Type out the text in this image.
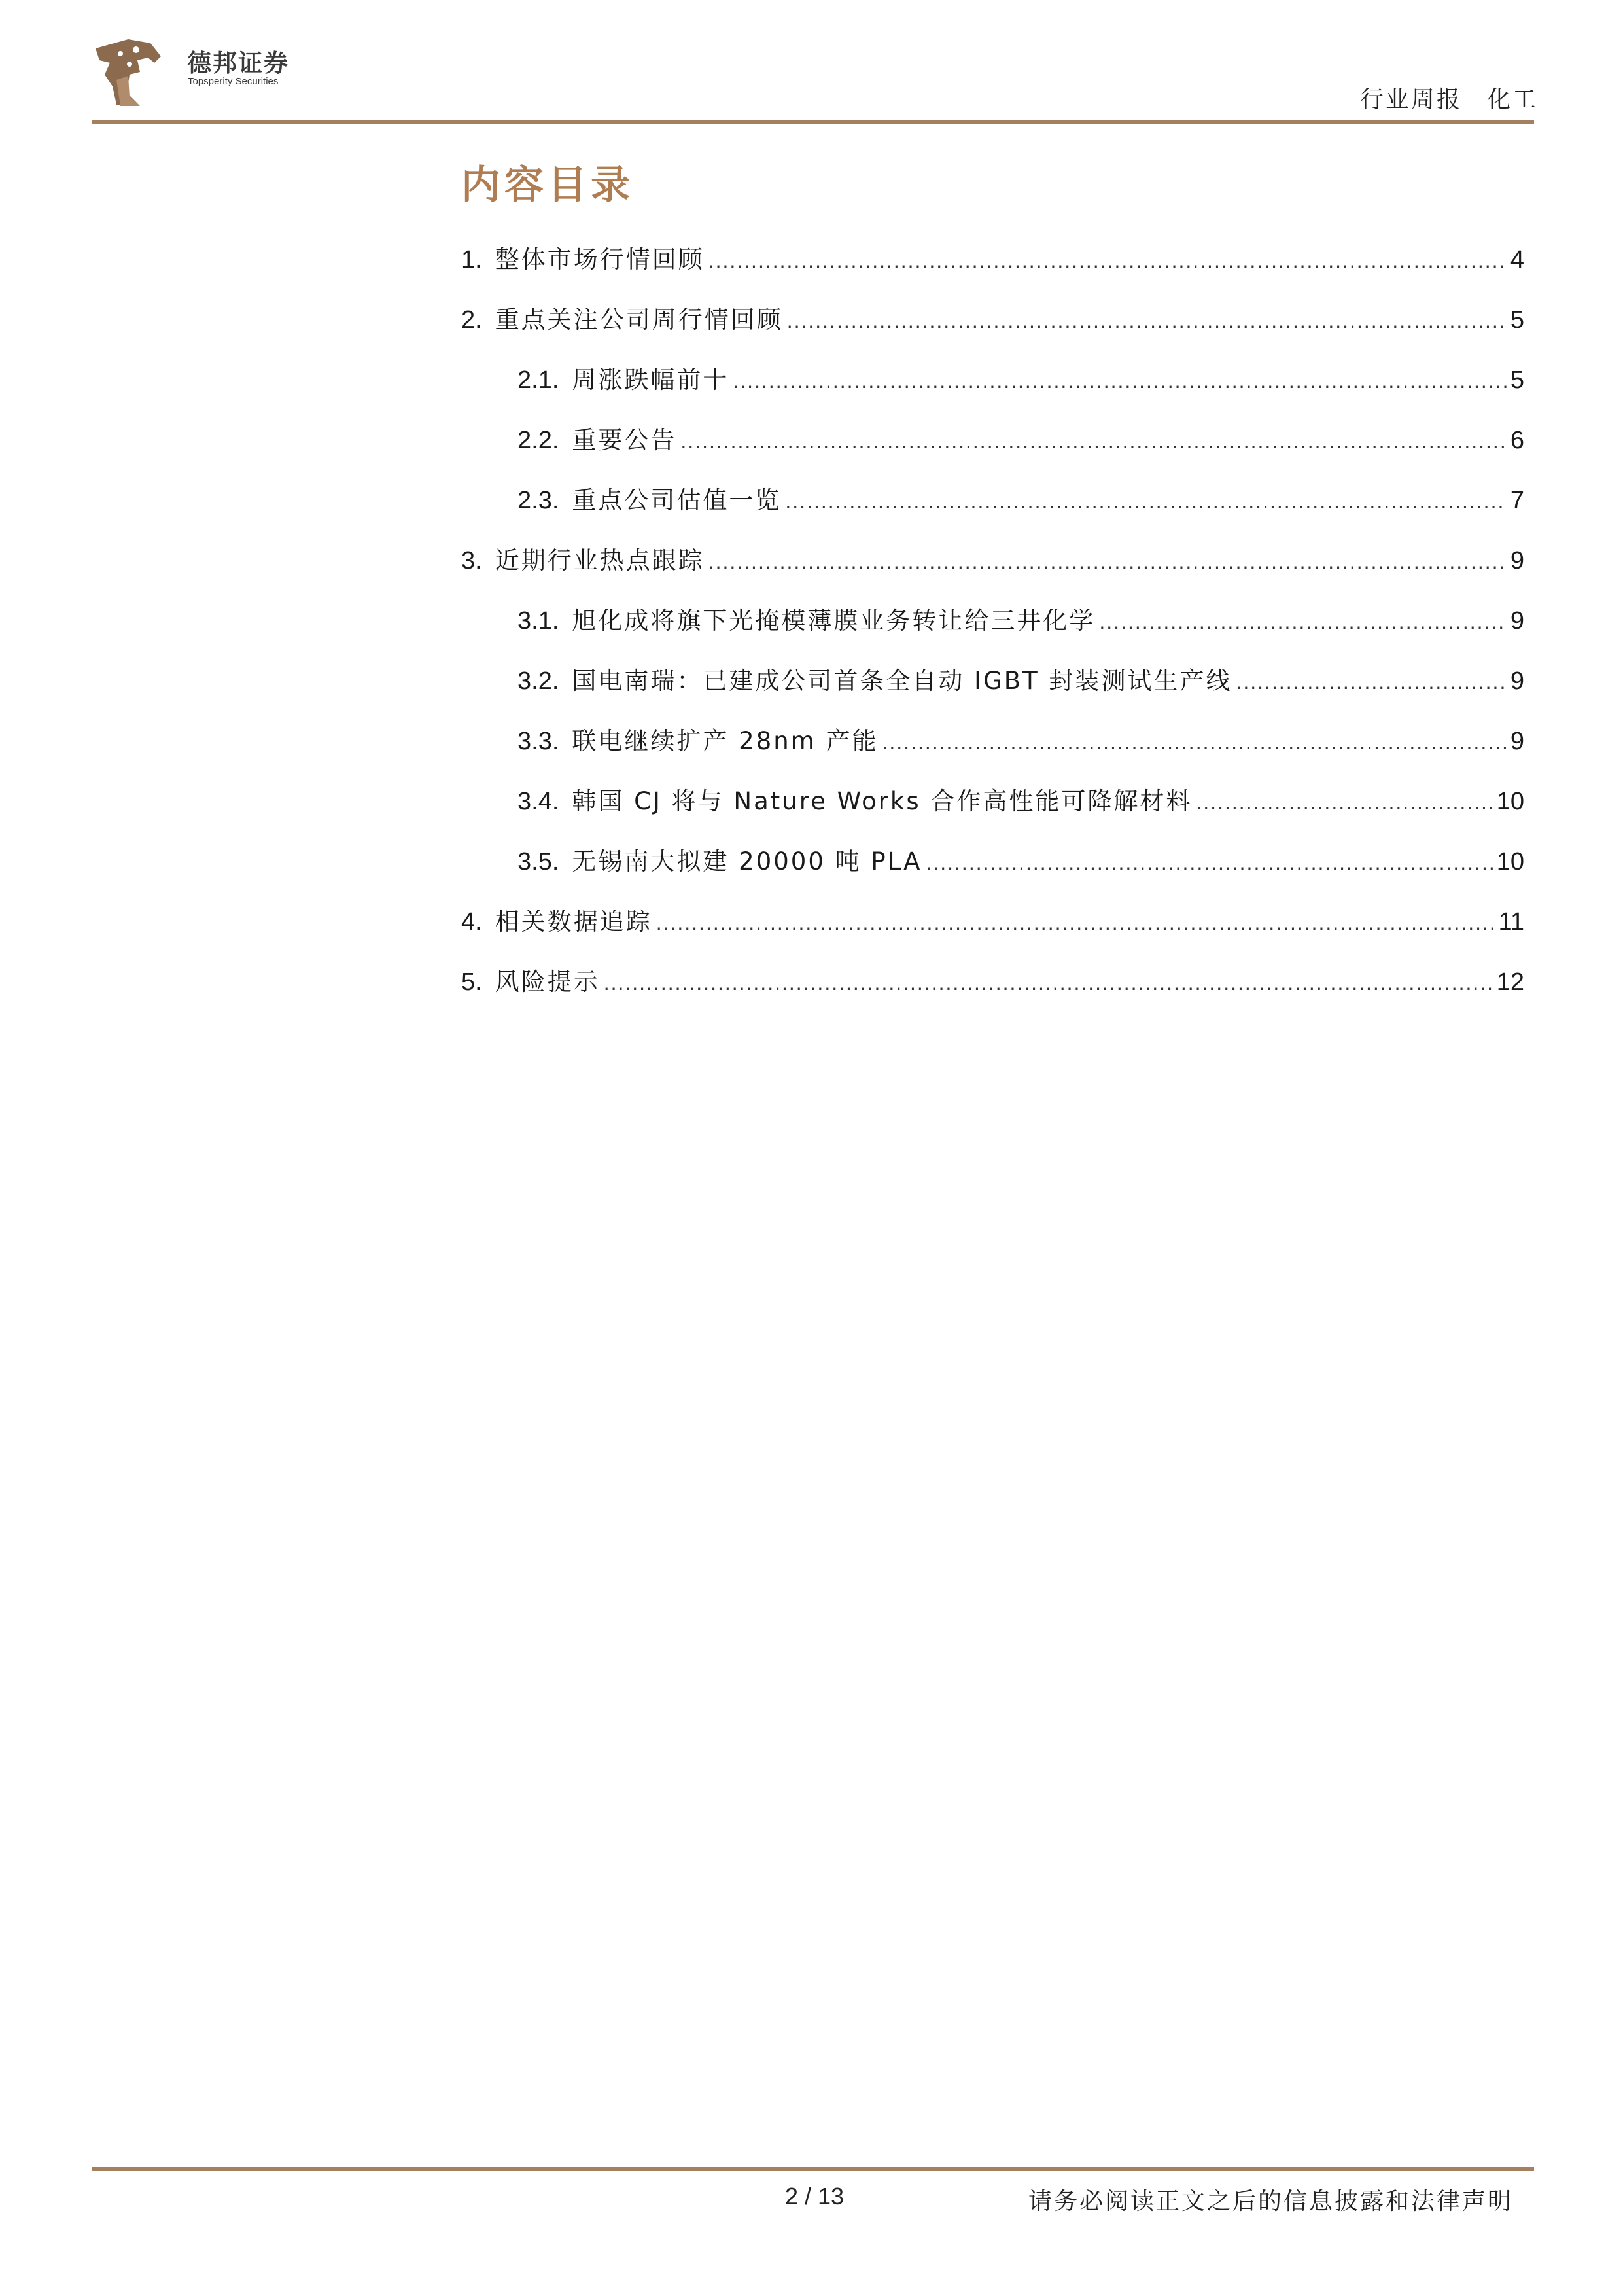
德邦证券
Topsperity Securities
行业周报 化工
内容目录
1. 整体市场行情回顾 .....	4
2. 重点关注公司周行情回顾 .....	5
2.1. 周涨跌幅前十 .....	5
2.2. 重要公告 .....	6
2.3. 重点公司估值一览 .....	7
3. 近期行业热点跟踪 .....	9
3.1. 旭化成将旗下光掩模薄膜业务转让给三井化学 .....	9
3.2. 国电南瑞：已建成公司首条全自动 IGBT 封装测试生产线 .....	9
3.3. 联电继续扩产 28nm 产能 .....	9
3.4. 韩国 CJ 将与 Nature Works 合作高性能可降解材料 .....	10
3.5. 无锡南大拟建 20000 吨 PLA .....	10
4. 相关数据追踪 .....	11
5. 风险提示 .....	12
2 / 13	请务必阅读正文之后的信息披露和法律声明
